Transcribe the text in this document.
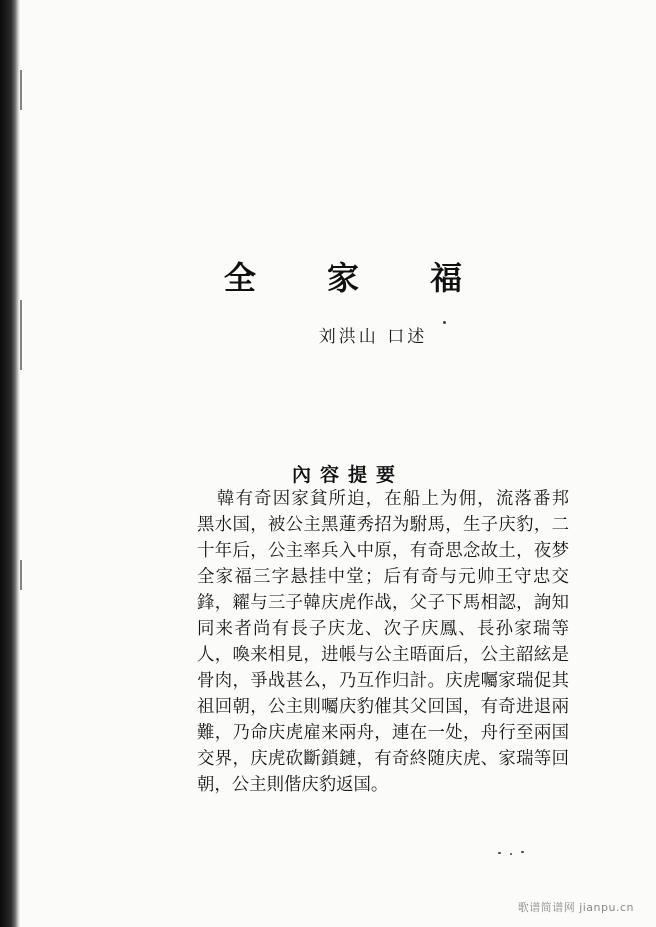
全 家 福
刘洪山 口述
內容提要
韓有奇因家貧所迫，在船上为佣，流落番邦
黑水国，被公主黑蓮秀招为駙馬，生子庆豹，二
十年后，公主率兵入中原，有奇思念故土，夜梦
全家福三字悬挂中堂；后有奇与元帅王守忠交
鋒，糴与三子韓庆虎作战，父子下馬相認，詢知
同来者尚有長子庆龙、次子庆鳳、長孙家瑞等
人，喚来相見，进帳与公主晤面后，公主韶絃是
骨肉，爭战甚么，乃互作归計。庆虎囑家瑞促其
祖回朝，公主則囑庆豹催其父回国，有奇进退兩
難，乃命庆虎雇来兩舟，連在一处，舟行至兩国
交界，庆虎砍斷鎖鏈，有奇終随庆虎、家瑞等回
朝，公主則偕庆豹返国。
歌谱简谱网 jianpu.cn
